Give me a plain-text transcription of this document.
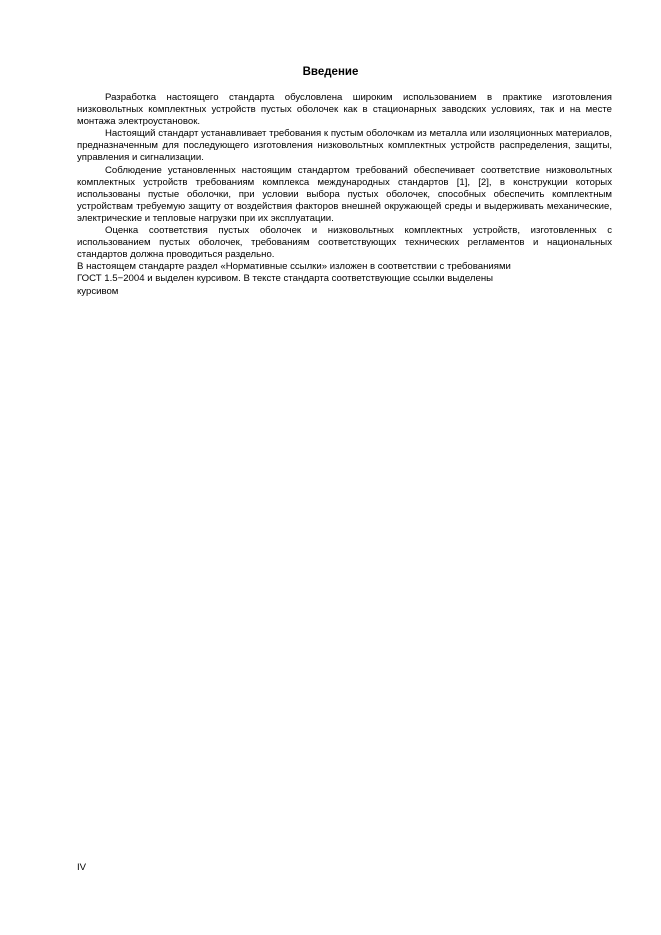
Введение

Разработка настоящего стандарта обусловлена широким использованием в практике изготовления низковольтных комплектных устройств пустых оболочек как в стационарных заводских условиях, так и на месте монтажа электроустановок.

Настоящий стандарт устанавливает требования к пустым оболочкам из металла или изоляционных материалов, предназначенным для последующего изготовления низковольтных комплектных устройств распределения, защиты, управления и сигнализации.

Соблюдение установленных настоящим стандартом требований обеспечивает соответствие низковольтных комплектных устройств требованиям комплекса международных стандартов [1], [2], в конструкции которых использованы пустые оболочки, при условии выбора пустых оболочек, способных обеспечить комплектным устройствам требуемую защиту от воздействия факторов внешней окружающей среды и выдерживать механические, электрические и тепловые нагрузки при их эксплуатации.

Оценка соответствия пустых оболочек и низковольтных комплектных устройств, изготовленных с использованием пустых оболочек, требованиям соответствующих технических регламентов и национальных стандартов должна проводиться раздельно.

В настоящем стандарте раздел «Нормативные ссылки» изложен в соответствии с требованиями

ГОСТ 1.5−2004 и выделен курсивом. В тексте стандарта соответствующие ссылки выделены

курсивом

IV
